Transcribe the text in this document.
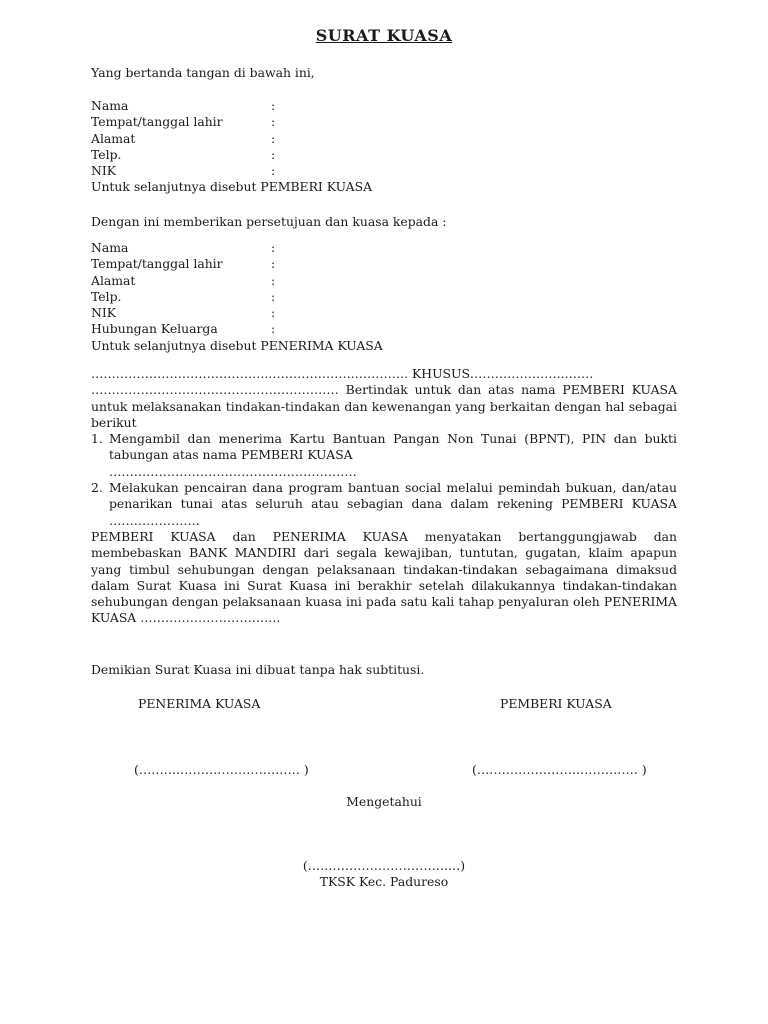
SURAT KUASA
Yang bertanda tangan di bawah ini,
Nama	:
Tempat/tanggal lahir	:
Alamat	:
Telp.	:
NIK	:
Untuk selanjutnya disebut PEMBERI KUASA
Dengan ini memberikan persetujuan dan kuasa kepada :
Nama	:
Tempat/tanggal lahir	:
Alamat	:
Telp.	:
NIK	:
Hubungan Keluarga	:
Untuk selanjutnya disebut PENERIMA KUASA
……………………………………..………………..…………. KHUSUS…………………..…….
…………………………………………………… Bertindak untuk dan atas nama PEMBERI KUASA untuk melaksanakan tindakan-tindakan dan kewenangan yang berkaitan dengan hal sebagai berikut
1. Mengambil dan menerima Kartu Bantuan Pangan Non Tunai (BPNT), PIN dan bukti tabungan atas nama PEMBERI KUASA
……………………………………………………
2. Melakukan pencairan dana program bantuan social melalui pemindah bukuan, dan/atau penarikan tunai atas seluruh atau sebagian dana dalam rekening PEMBERI KUASA ………………….
PEMBERI KUASA dan PENERIMA KUASA menyatakan bertanggungjawab dan membebaskan BANK MANDIRI dari segala kewajiban, tuntutan, gugatan, klaim apapun yang timbul sehubungan dengan pelaksanaan tindakan-tindakan sebagaimana dimaksud dalam Surat Kuasa ini Surat Kuasa ini berakhir setelah dilakukannya tindakan-tindakan sehubungan dengan pelaksanaan kuasa ini pada satu kali tahap penyaluran oleh PENERIMA KUASA …………………………….
Demikian Surat Kuasa ini dibuat tanpa hak subtitusi.
PENERIMA KUASA	PEMBERI KUASA
(………………………………… )	(………………………………… )
Mengetahui
(…………………………….…)
TKSK Kec. Padureso
